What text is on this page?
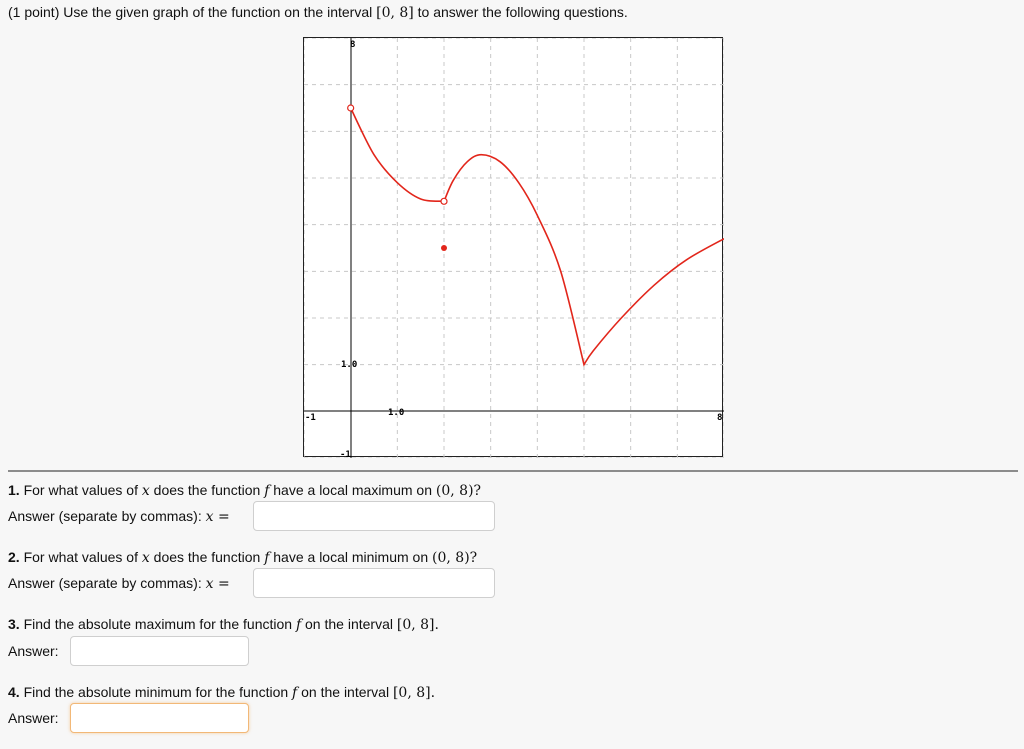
(1 point) Use the given graph of the function on the interval [0, 8] to answer the following questions.
-1	8
1.0
8
-1
1.0
1. For what values of x does the function f have a local maximum on (0, 8)?
Answer (separate by commas): x =
2. For what values of x does the function f have a local minimum on (0, 8)?
Answer (separate by commas): x =
3. Find the absolute maximum for the function f on the interval [0, 8].
Answer:
4. Find the absolute minimum for the function f on the interval [0, 8].
Answer:
